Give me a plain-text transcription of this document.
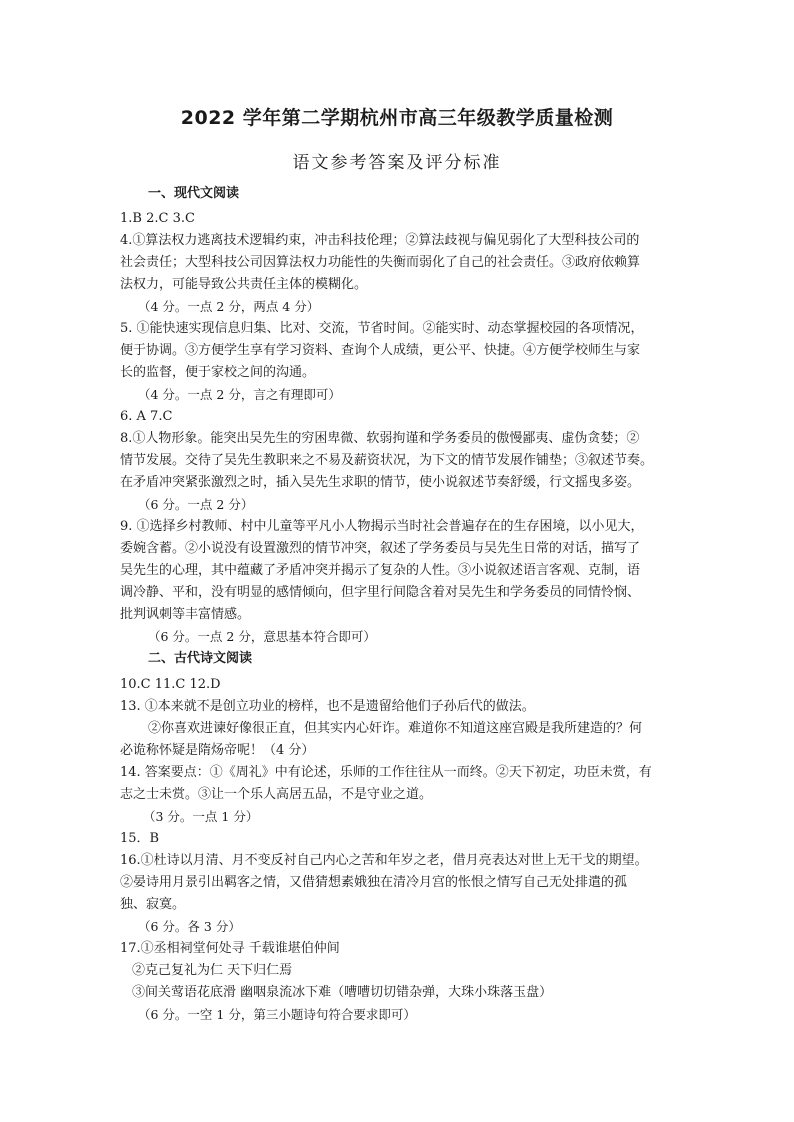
2022 学年第二学期杭州市高三年级教学质量检测
语文参考答案及评分标准
一、现代文阅读
1.B 2.C 3.C
4.①算法权力逃离技术逻辑约束，冲击科技伦理；②算法歧视与偏见弱化了大型科技公司的
社会责任；大型科技公司因算法权力功能性的失衡而弱化了自己的社会责任。③政府依赖算
法权力，可能导致公共责任主体的模糊化。
（4 分。一点 2 分，两点 4 分）
5. ①能快速实现信息归集、比对、交流，节省时间。②能实时、动态掌握校园的各项情况，
便于协调。③方便学生享有学习资料、查询个人成绩，更公平、快捷。④方便学校师生与家
长的监督，便于家校之间的沟通。
（4 分。一点 2 分，言之有理即可）
6. A 7.C
8.①人物形象。能突出吴先生的穷困卑微、软弱拘谨和学务委员的傲慢鄙夷、虚伪贪婪；②
情节发展。交待了吴先生教职来之不易及薪资状况，为下文的情节发展作铺垫；③叙述节奏。
在矛盾冲突紧张激烈之时，插入吴先生求职的情节，使小说叙述节奏舒缓，行文摇曳多姿。
（6 分。一点 2 分）
9. ①选择乡村教师、村中儿童等平凡小人物揭示当时社会普遍存在的生存困境，以小见大，
委婉含蓄。②小说没有设置激烈的情节冲突，叙述了学务委员与吴先生日常的对话，描写了
吴先生的心理，其中蕴藏了矛盾冲突并揭示了复杂的人性。③小说叙述语言客观、克制，语
调冷静、平和，没有明显的感情倾向，但字里行间隐含着对吴先生和学务委员的同情怜悯、
批判讽刺等丰富情感。
（6 分。一点 2 分，意思基本符合即可）
二、古代诗文阅读
10.C 11.C 12.D
13. ①本来就不是创立功业的榜样，也不是遗留给他们子孙后代的做法。
②你喜欢进谏好像很正直，但其实内心奸诈。难道你不知道这座宫殿是我所建造的？何
必诡称怀疑是隋炀帝呢！（4 分）
14. 答案要点：①《周礼》中有论述，乐师的工作往往从一而终。②天下初定，功臣未赏，有
志之士未赏。③让一个乐人高居五品，不是守业之道。
（3 分。一点 1 分）
15．B
16.①杜诗以月清、月不变反衬自己内心之苦和年岁之老，借月亮表达对世上无干戈的期望。
②晏诗用月景引出羁客之情，又借猜想素娥独在清冷月宫的怅恨之情写自己无处排遣的孤
独、寂寞。
（6 分。各 3 分）
17.①丞相祠堂何处寻 千载谁堪伯仲间
②克己复礼为仁 天下归仁焉
③间关莺语花底滑 幽咽泉流冰下难（嘈嘈切切错杂弹，大珠小珠落玉盘）
（6 分。一空 1 分，第三小题诗句符合要求即可）
